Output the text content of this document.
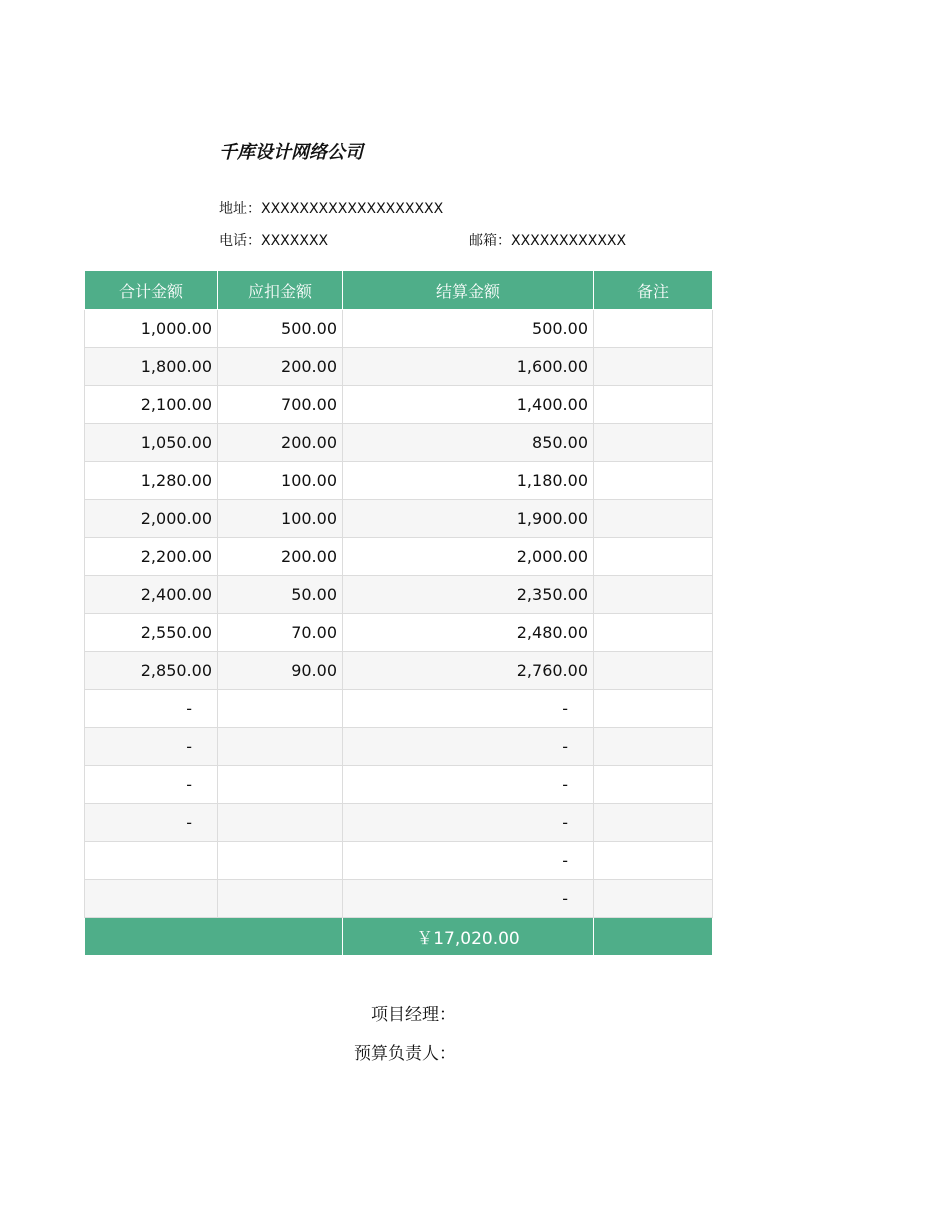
千库设计网络公司
地址：XXXXXXXXXXXXXXXXXXX
电话：XXXXXXX	邮箱：XXXXXXXXXXXX
合计金额	应扣金额	结算金额	备注
1,000.00	500.00	500.00	
1,800.00	200.00	1,600.00	
2,100.00	700.00	1,400.00	
1,050.00	200.00	850.00	
1,280.00	100.00	1,180.00	
2,000.00	100.00	1,900.00	
2,200.00	200.00	2,000.00	
2,400.00	50.00	2,350.00	
2,550.00	70.00	2,480.00	
2,850.00	90.00	2,760.00	
-		-	
-		-	
-		-	
-		-	
		-	
		-	
		￥17,020.00	
项目经理：
预算负责人：
